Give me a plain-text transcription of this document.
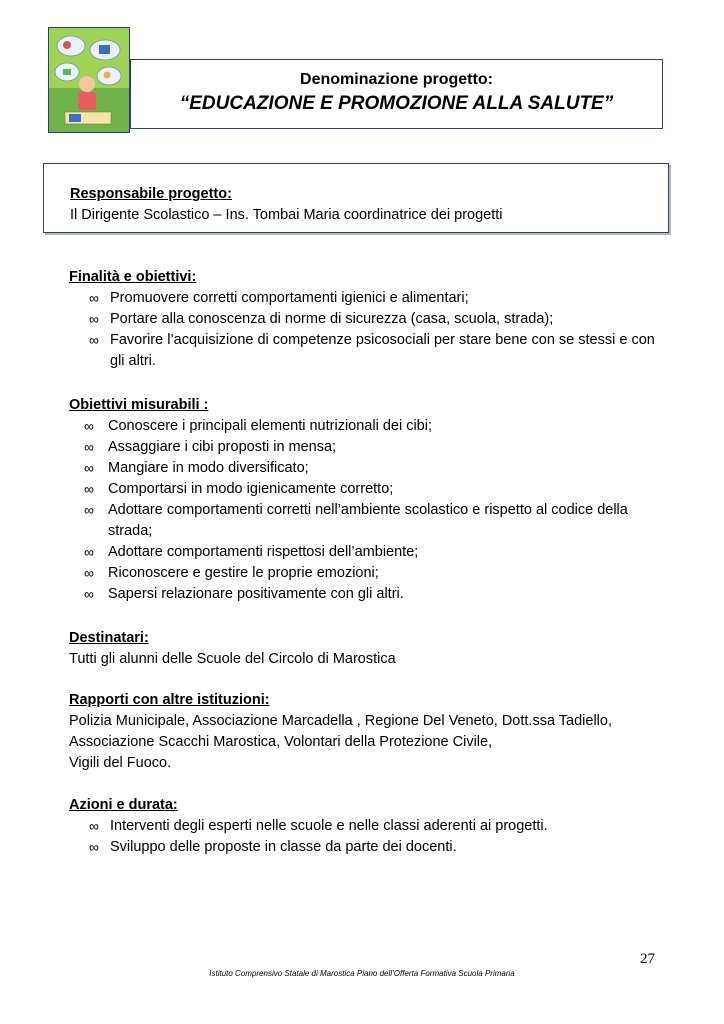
Denominazione progetto:
“EDUCAZIONE E PROMOZIONE ALLA SALUTE”
Responsabile progetto:
Il Dirigente Scolastico – Ins. Tombai Maria coordinatrice dei progetti
Finalità e obiettivi:
∞ Promuovere corretti comportamenti igienici e alimentari;
∞ Portare alla conoscenza di norme di sicurezza (casa, scuola, strada);
∞ Favorire l’acquisizione di competenze psicosociali per stare bene con se stessi e con gli altri.
Obiettivi misurabili :
∞ Conoscere i principali elementi nutrizionali dei cibi;
∞ Assaggiare i cibi proposti in mensa;
∞ Mangiare in modo diversificato;
∞ Comportarsi in modo igienicamente corretto;
∞ Adottare comportamenti corretti nell’ambiente scolastico e rispetto al codice della strada;
∞ Adottare comportamenti rispettosi dell’ambiente;
∞ Riconoscere e gestire le proprie emozioni;
∞ Sapersi relazionare positivamente con gli altri.
Destinatari:
Tutti gli alunni delle Scuole del Circolo di Marostica
Rapporti con altre istituzioni:
Polizia Municipale, Associazione Marcadella , Regione Del Veneto, Dott.ssa Tadiello,
Associazione Scacchi Marostica, Volontari della Protezione Civile,
Vigili del Fuoco.
Azioni e durata:
∞ Interventi degli esperti nelle scuole e nelle classi aderenti ai progetti.
∞ Sviluppo delle proposte in classe da parte dei docenti.
27
Istituto Comprensivo Statale di Marostica Piano dell’Offerta Formativa Scuola Primaria
